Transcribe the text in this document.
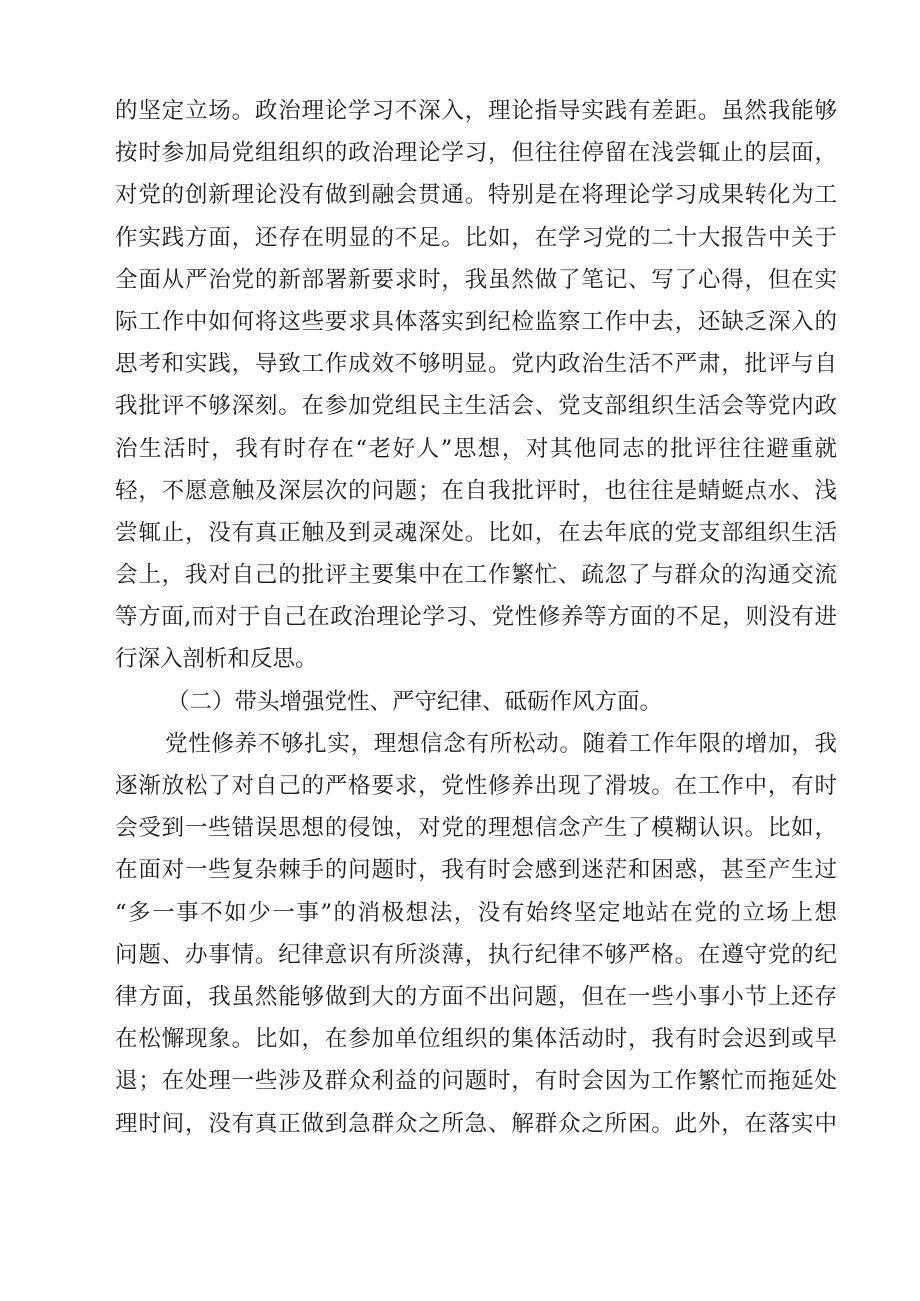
的坚定立场。政治理论学习不深入，理论指导实践有差距。虽然我能够
按时参加局党组组织的政治理论学习，但往往停留在浅尝辄止的层面，
对党的创新理论没有做到融会贯通。特别是在将理论学习成果转化为工
作实践方面，还存在明显的不足。比如，在学习党的二十大报告中关于
全面从严治党的新部署新要求时，我虽然做了笔记、写了心得，但在实
际工作中如何将这些要求具体落实到纪检监察工作中去，还缺乏深入的
思考和实践，导致工作成效不够明显。党内政治生活不严肃，批评与自
我批评不够深刻。在参加党组民主生活会、党支部组织生活会等党内政
治生活时，我有时存在“老好人”思想，对其他同志的批评往往避重就
轻，不愿意触及深层次的问题；在自我批评时，也往往是蜻蜓点水、浅
尝辄止，没有真正触及到灵魂深处。比如，在去年底的党支部组织生活
会上，我对自己的批评主要集中在工作繁忙、疏忽了与群众的沟通交流
等方面,而对于自己在政治理论学习、党性修养等方面的不足，则没有进
行深入剖析和反思。
（二）带头增强党性、严守纪律、砥砺作风方面。
党性修养不够扎实，理想信念有所松动。随着工作年限的增加，我
逐渐放松了对自己的严格要求，党性修养出现了滑坡。在工作中，有时
会受到一些错误思想的侵蚀，对党的理想信念产生了模糊认识。比如，
在面对一些复杂棘手的问题时，我有时会感到迷茫和困惑，甚至产生过
“多一事不如少一事”的消极想法，没有始终坚定地站在党的立场上想
问题、办事情。纪律意识有所淡薄，执行纪律不够严格。在遵守党的纪
律方面，我虽然能够做到大的方面不出问题，但在一些小事小节上还存
在松懈现象。比如，在参加单位组织的集体活动时，我有时会迟到或早
退；在处理一些涉及群众利益的问题时，有时会因为工作繁忙而拖延处
理时间，没有真正做到急群众之所急、解群众之所困。此外，在落实中
